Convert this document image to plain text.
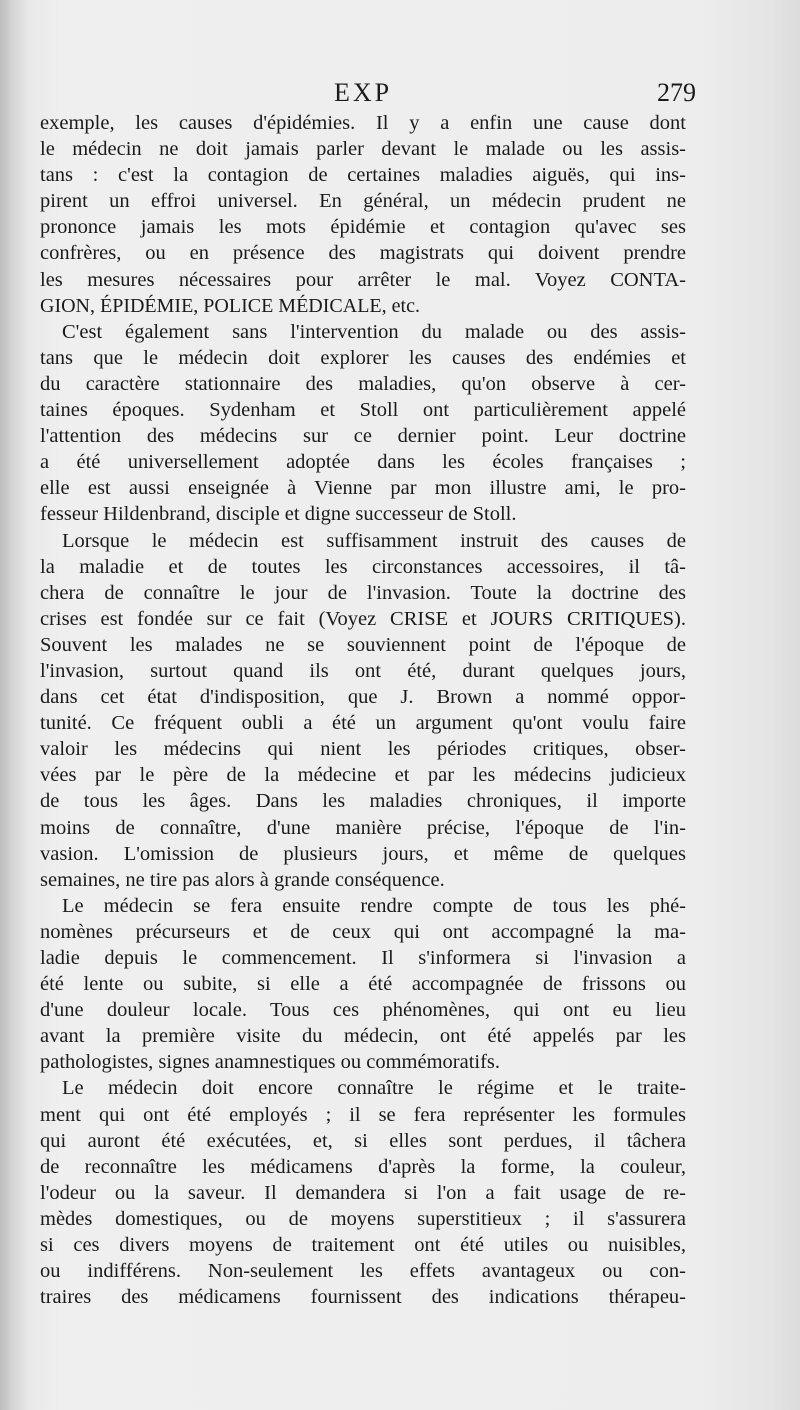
EXP	279
exemple, les causes d'épidémies. Il y a enfin une cause dont
le médecin ne doit jamais parler devant le malade ou les assis-
tans : c'est la contagion de certaines maladies aiguës, qui ins-
pirent un effroi universel. En général, un médecin prudent ne
prononce jamais les mots épidémie et contagion qu'avec ses
confrères, ou en présence des magistrats qui doivent prendre
les mesures nécessaires pour arrêter le mal. Voyez CONTA-
GION, ÉPIDÉMIE, POLICE MÉDICALE, etc.
C'est également sans l'intervention du malade ou des assis-
tans que le médecin doit explorer les causes des endémies et
du caractère stationnaire des maladies, qu'on observe à cer-
taines époques. Sydenham et Stoll ont particulièrement appelé
l'attention des médecins sur ce dernier point. Leur doctrine
a été universellement adoptée dans les écoles françaises ;
elle est aussi enseignée à Vienne par mon illustre ami, le pro-
fesseur Hildenbrand, disciple et digne successeur de Stoll.
Lorsque le médecin est suffisamment instruit des causes de
la maladie et de toutes les circonstances accessoires, il tâ-
chera de connaître le jour de l'invasion. Toute la doctrine des
crises est fondée sur ce fait (Voyez CRISE et JOURS CRITIQUES).
Souvent les malades ne se souviennent point de l'époque de
l'invasion, surtout quand ils ont été, durant quelques jours,
dans cet état d'indisposition, que J. Brown a nommé oppor-
tunité. Ce fréquent oubli a été un argument qu'ont voulu faire
valoir les médecins qui nient les périodes critiques, obser-
vées par le père de la médecine et par les médecins judicieux
de tous les âges. Dans les maladies chroniques, il importe
moins de connaître, d'une manière précise, l'époque de l'in-
vasion. L'omission de plusieurs jours, et même de quelques
semaines, ne tire pas alors à grande conséquence.
Le médecin se fera ensuite rendre compte de tous les phé-
nomènes précurseurs et de ceux qui ont accompagné la ma-
ladie depuis le commencement. Il s'informera si l'invasion a
été lente ou subite, si elle a été accompagnée de frissons ou
d'une douleur locale. Tous ces phénomènes, qui ont eu lieu
avant la première visite du médecin, ont été appelés par les
pathologistes, signes anamnestiques ou commémoratifs.
Le médecin doit encore connaître le régime et le traite-
ment qui ont été employés ; il se fera représenter les formules
qui auront été exécutées, et, si elles sont perdues, il tâchera
de reconnaître les médicamens d'après la forme, la couleur,
l'odeur ou la saveur. Il demandera si l'on a fait usage de re-
mèdes domestiques, ou de moyens superstitieux ; il s'assurera
si ces divers moyens de traitement ont été utiles ou nuisibles,
ou indifférens. Non-seulement les effets avantageux ou con-
traires des médicamens fournissent des indications thérapeu-
